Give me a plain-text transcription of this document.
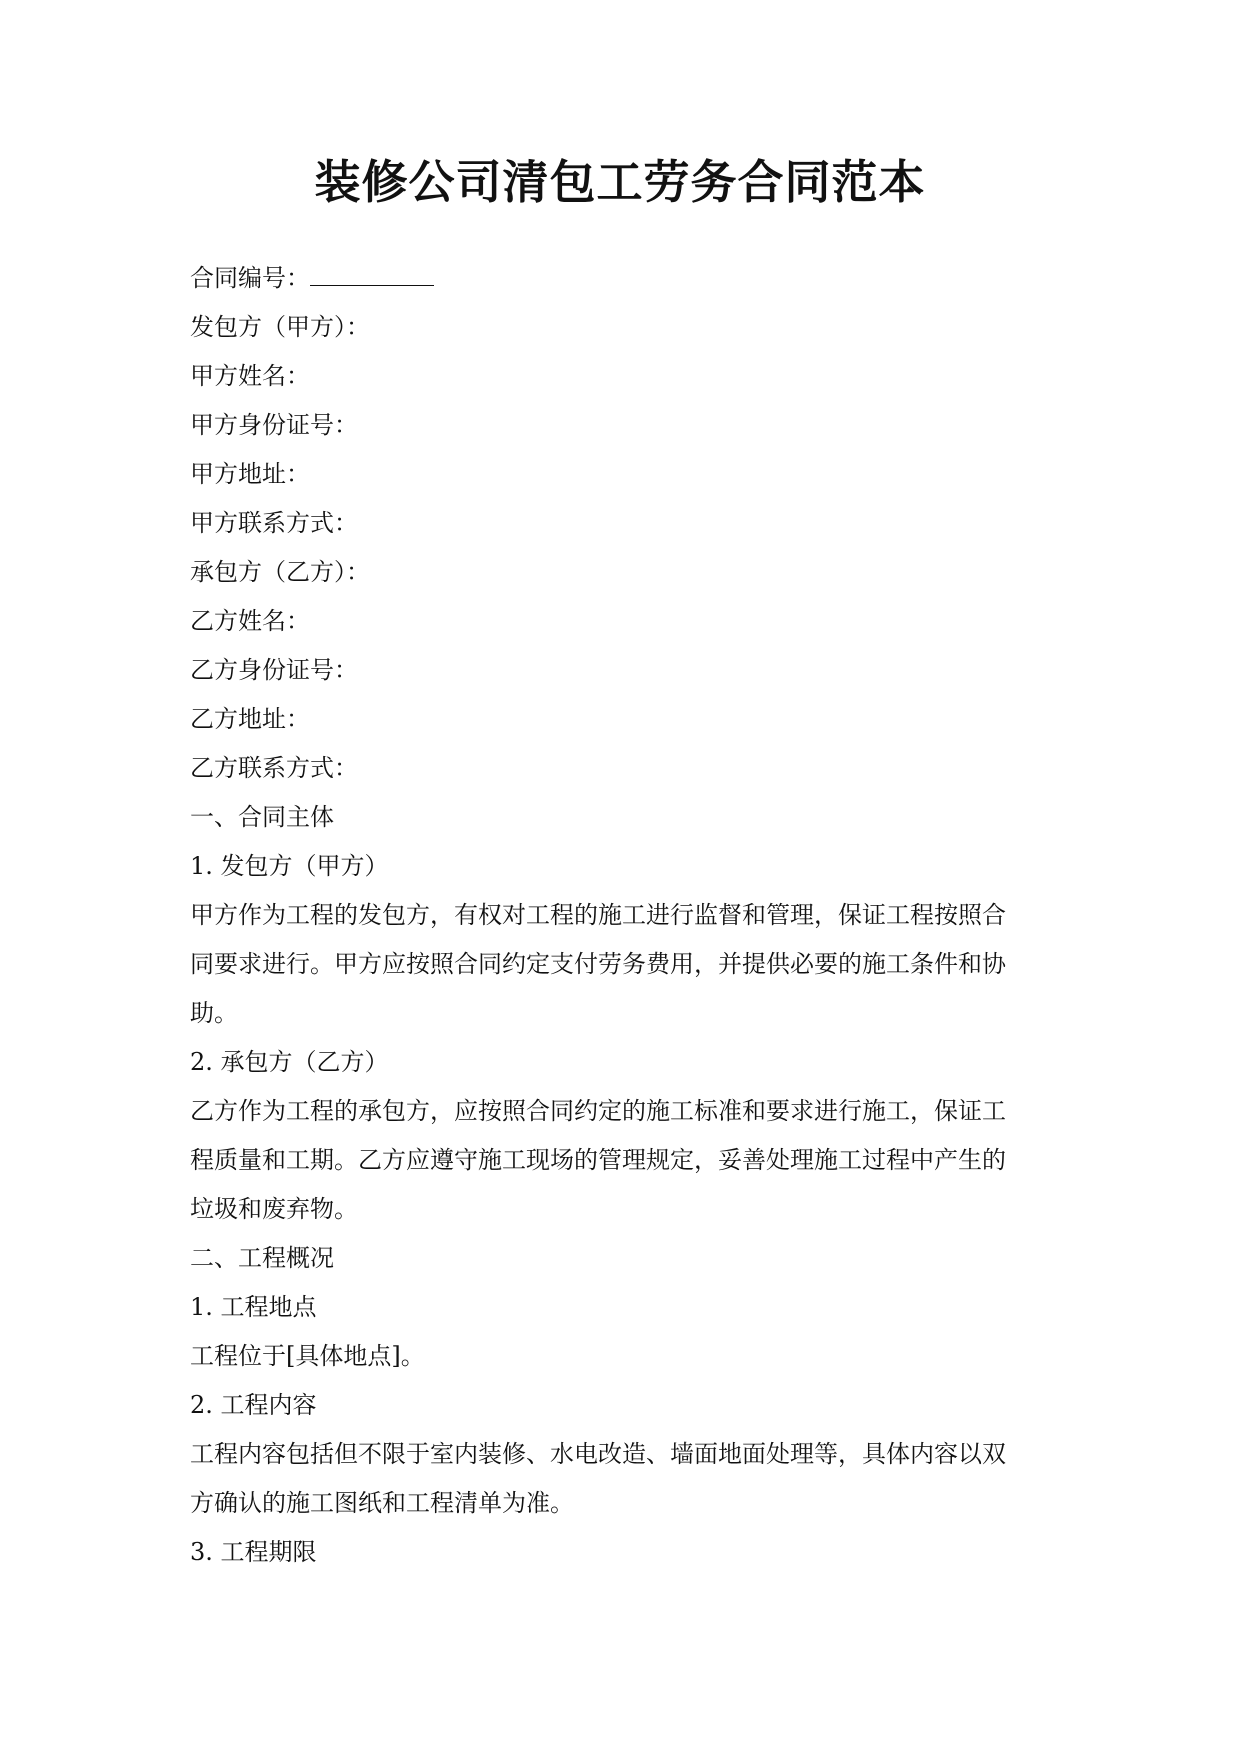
装修公司清包工劳务合同范本
合同编号：
发包方（甲方）：
甲方姓名：
甲方身份证号：
甲方地址：
甲方联系方式：
承包方（乙方）：
乙方姓名：
乙方身份证号：
乙方地址：
乙方联系方式：
一、合同主体
1. 发包方（甲方）
甲方作为工程的发包方，有权对工程的施工进行监督和管理，保证工程按照合
同要求进行。甲方应按照合同约定支付劳务费用，并提供必要的施工条件和协
助。
2. 承包方（乙方）
乙方作为工程的承包方，应按照合同约定的施工标准和要求进行施工，保证工
程质量和工期。乙方应遵守施工现场的管理规定，妥善处理施工过程中产生的
垃圾和废弃物。
二、工程概况
1. 工程地点
工程位于[具体地点]。
2. 工程内容
工程内容包括但不限于室内装修、水电改造、墙面地面处理等，具体内容以双
方确认的施工图纸和工程清单为准。
3. 工程期限
